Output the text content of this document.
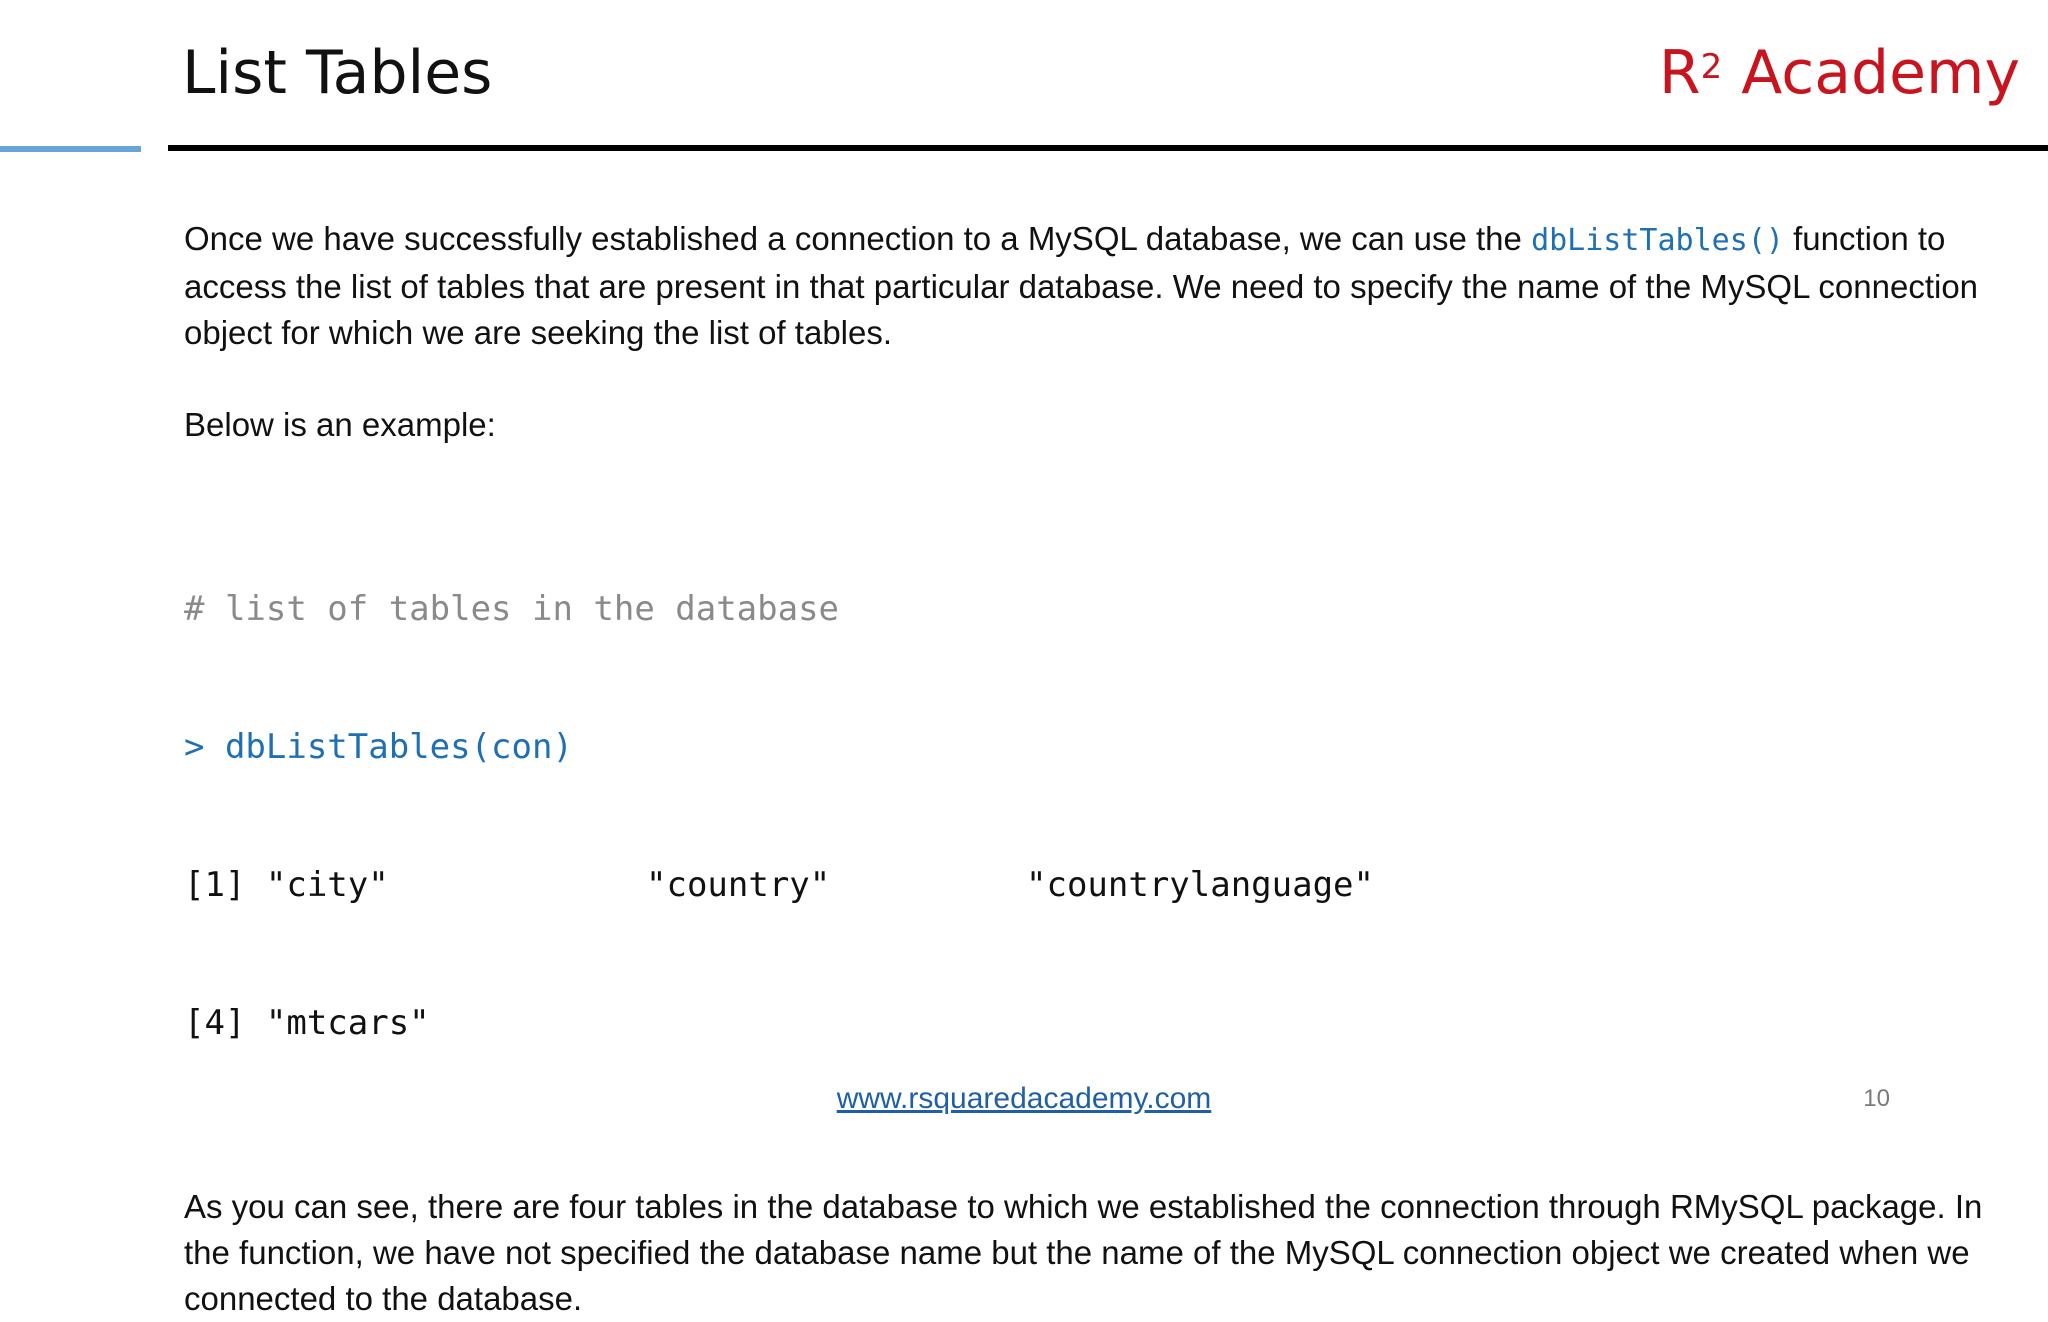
List Tables	$R^2$ Academy

Once we have successfully established a connection to a MySQL database, we can use the dbListTables() function to access the list of tables that are present in that particular database. We need to specify the name of the MySQL connection object for which we are seeking the list of tables.

Below is an example:

# list of tables in the database

> dbListTables(con)

[1] "city"

	"country"

	"countrylanguage"

[4] "mtcars"

As you can see, there are four tables in the database to which we established the connection through RMySQL package. In the function, we have not specified the database name but the name of the MySQL connection object we created when we connected to the database.

www.rsquaredacademy.com	10
